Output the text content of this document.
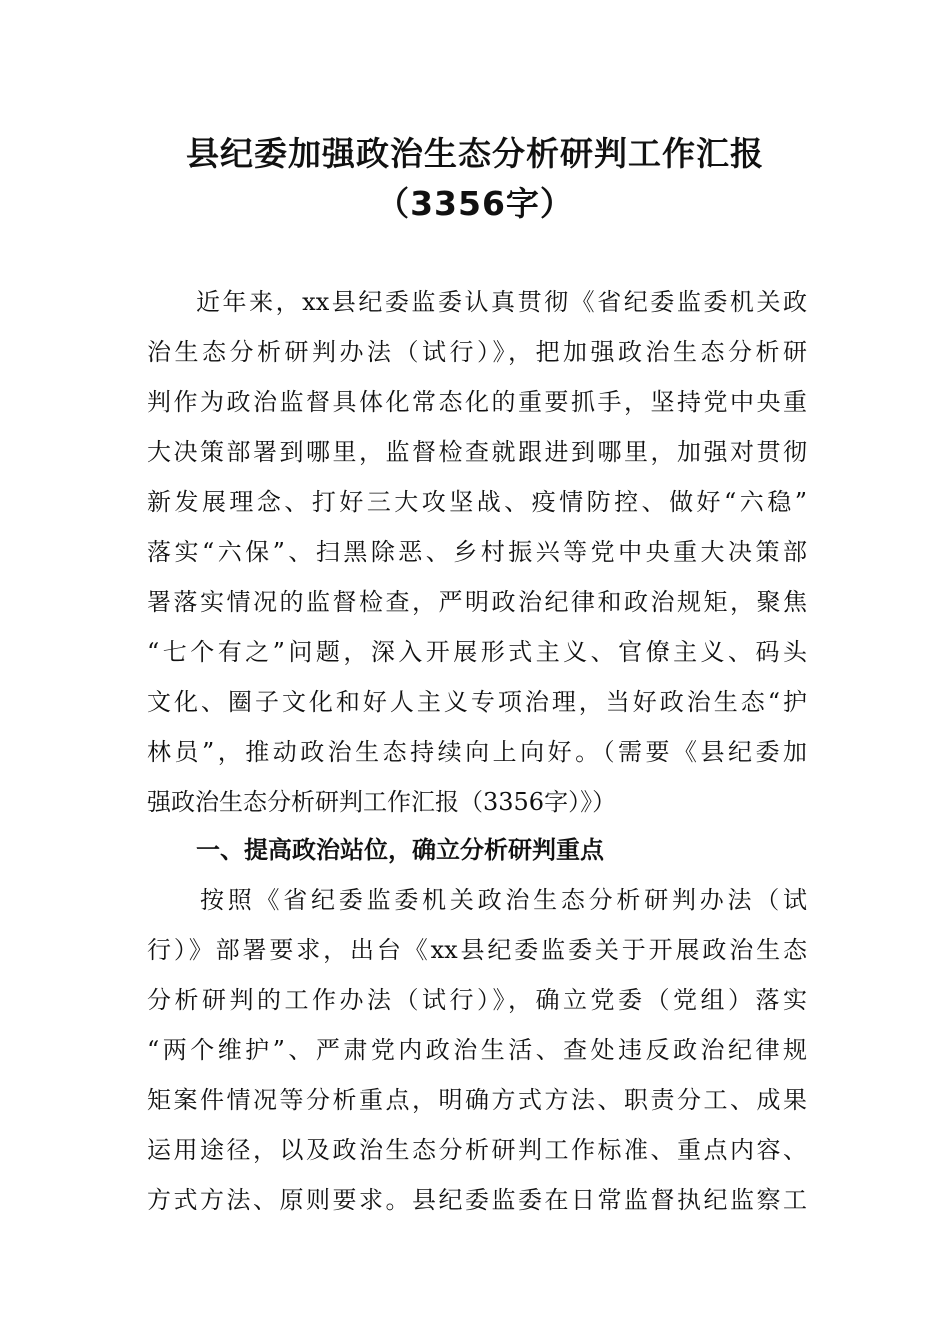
县纪委加强政治生态分析研判工作汇报
（3356字）
近年来，xx县纪委监委认真贯彻《省纪委监委机关政
治生态分析研判办法（试行）》，把加强政治生态分析研
判作为政治监督具体化常态化的重要抓手，坚持党中央重
大决策部署到哪里，监督检查就跟进到哪里，加强对贯彻
新发展理念、打好三大攻坚战、疫情防控、做好“六稳”
落实“六保”、扫黑除恶、乡村振兴等党中央重大决策部
署落实情况的监督检查，严明政治纪律和政治规矩，聚焦
“七个有之”问题，深入开展形式主义、官僚主义、码头
文化、圈子文化和好人主义专项治理，当好政治生态“护
林员”，推动政治生态持续向上向好。（需要《县纪委加
强政治生态分析研判工作汇报（3356字）》）
一、提高政治站位，确立分析研判重点
按照《省纪委监委机关政治生态分析研判办法（试
行）》部署要求，出台《xx县纪委监委关于开展政治生态
分析研判的工作办法（试行）》，确立党委（党组）落实
“两个维护”、严肃党内政治生活、查处违反政治纪律规
矩案件情况等分析重点，明确方式方法、职责分工、成果
运用途径，以及政治生态分析研判工作标准、重点内容、
方式方法、原则要求。县纪委监委在日常监督执纪监察工
